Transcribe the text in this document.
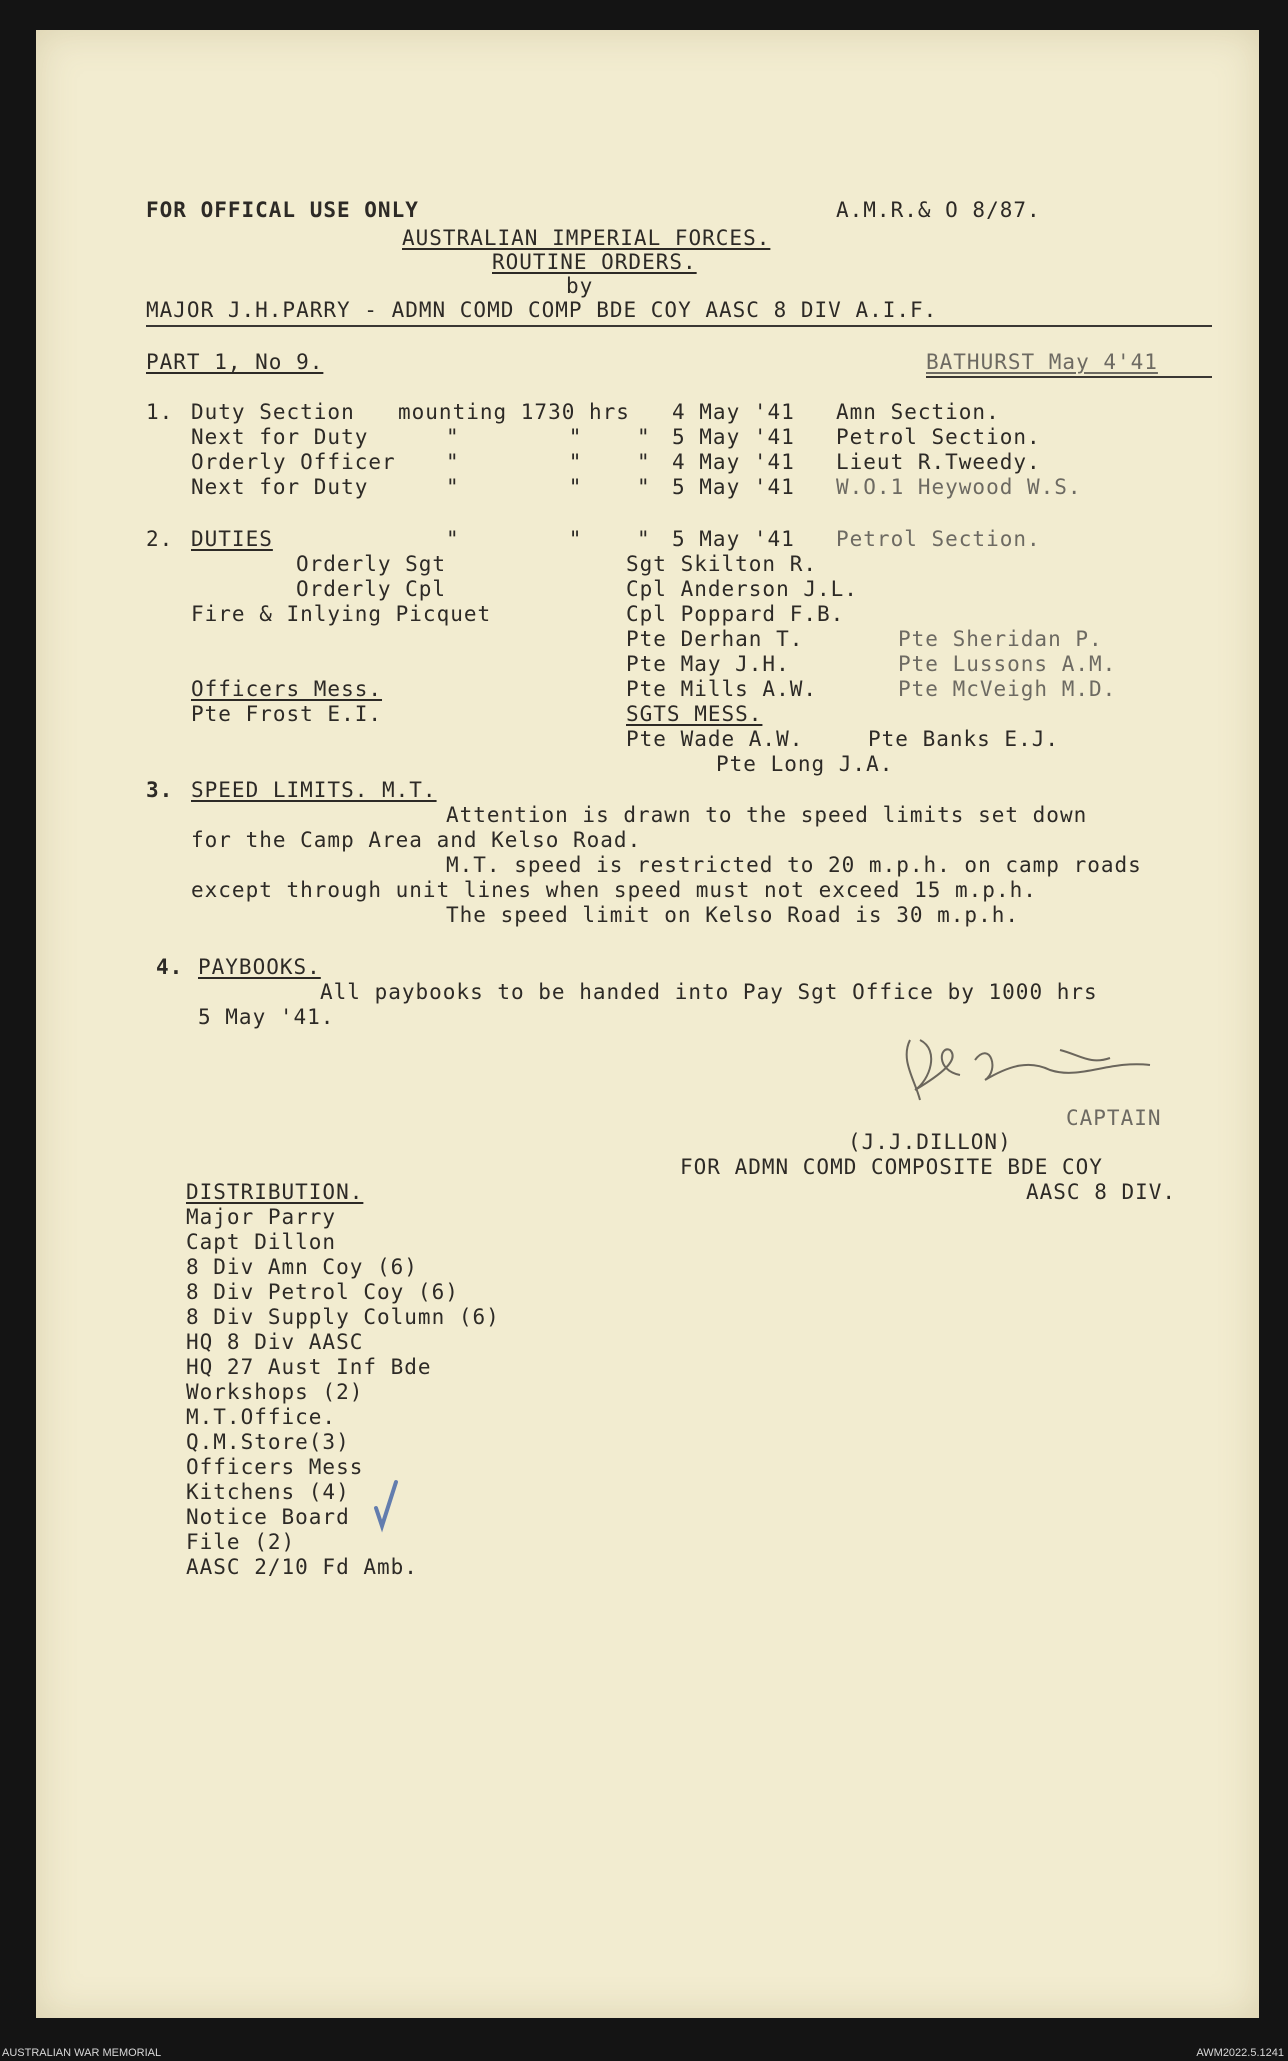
FOR OFFICAL USE ONLY	A.M.R.& O 8/87.
AUSTRALIAN IMPERIAL FORCES.
ROUTINE ORDERS.
by
MAJOR J.H.PARRY - ADMN COMD COMP BDE COY AASC 8 DIV A.I.F.
PART 1, No 9.	BATHURST May 4'41
1. Duty Section mounting 1730 hrs 4 May '41 Amn Section.
Next for Duty	"        "    " 5 May '41 Petrol Section.
Orderly Officer "        "    " 4 May '41 Lieut R.Tweedy.
Next for Duty	"        "    " 5 May '41 W.O.1 Heywood W.S.
2. DUTIES	"        "    " 5 May '41 Petrol Section.
Orderly Sgt	Sgt Skilton R.
Orderly Cpl	Cpl Anderson J.L.
Fire & Inlying Picquet	Cpl Poppard F.B.
Pte Derhan T.	Pte Sheridan P.
Pte May J.H.	Pte Lussons A.M.
Officers Mess.	Pte Mills A.W.	Pte McVeigh M.D.
Pte Frost E.I.	SGTS MESS.
Pte Wade A.W.	Pte Banks E.J.
Pte Long J.A.
3. SPEED LIMITS. M.T.
Attention is drawn to the speed limits set down
for the Camp Area and Kelso Road.
M.T. speed is restricted to 20 m.p.h. on camp roads
except through unit lines when speed must not exceed 15 m.p.h.
The speed limit on Kelso Road is 30 m.p.h.
4. PAYBOOKS.
All paybooks to be handed into Pay Sgt Office by 1000 hrs
5 May '41.
CAPTAIN
(J.J.DILLON)
FOR ADMN COMD COMPOSITE BDE COY
AASC 8 DIV.
DISTRIBUTION.
Major Parry
Capt Dillon
8 Div Amn Coy (6)
8 Div Petrol Coy (6)
8 Div Supply Column (6)
HQ 8 Div AASC
HQ 27 Aust Inf Bde
Workshops (2)
M.T.Office.
Q.M.Store(3)
Officers Mess
Kitchens (4)
Notice Board
File (2)
AASC 2/10 Fd Amb.
AUSTRALIAN WAR MEMORIAL	AWM2022.5.1241
